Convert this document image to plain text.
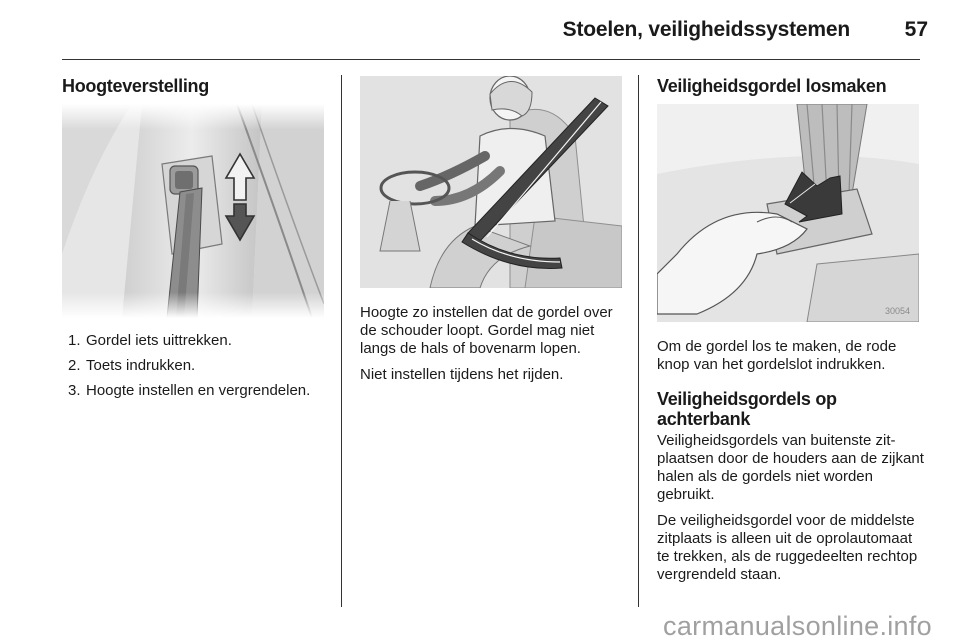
Stoelen, veiligheidssystemen	57
Hoogteverstelling
1. Gordel iets uittrekken.
2. Toets indrukken.
3. Hoogte instellen en vergrendelen.

Hoogte zo instellen dat de gordel over de schouder loopt. Gordel mag niet langs de hals of bovenarm lopen.

Niet instellen tijdens het rijden.

Veiligheidsgordel losmaken
30054

Om de gordel los te maken, de rode knop van het gordelslot indrukken.

Veiligheidsgordels op achterbank

Veiligheidsgordels van buitenste zitplaatsen door de houders aan de zijkant halen als de gordels niet worden gebruikt.

De veiligheidsgordel voor de middelste zitplaats is alleen uit de oprolautomaat te trekken, als de ruggedeelten rechtop vergrendeld staan.

carmanualsonline.info
